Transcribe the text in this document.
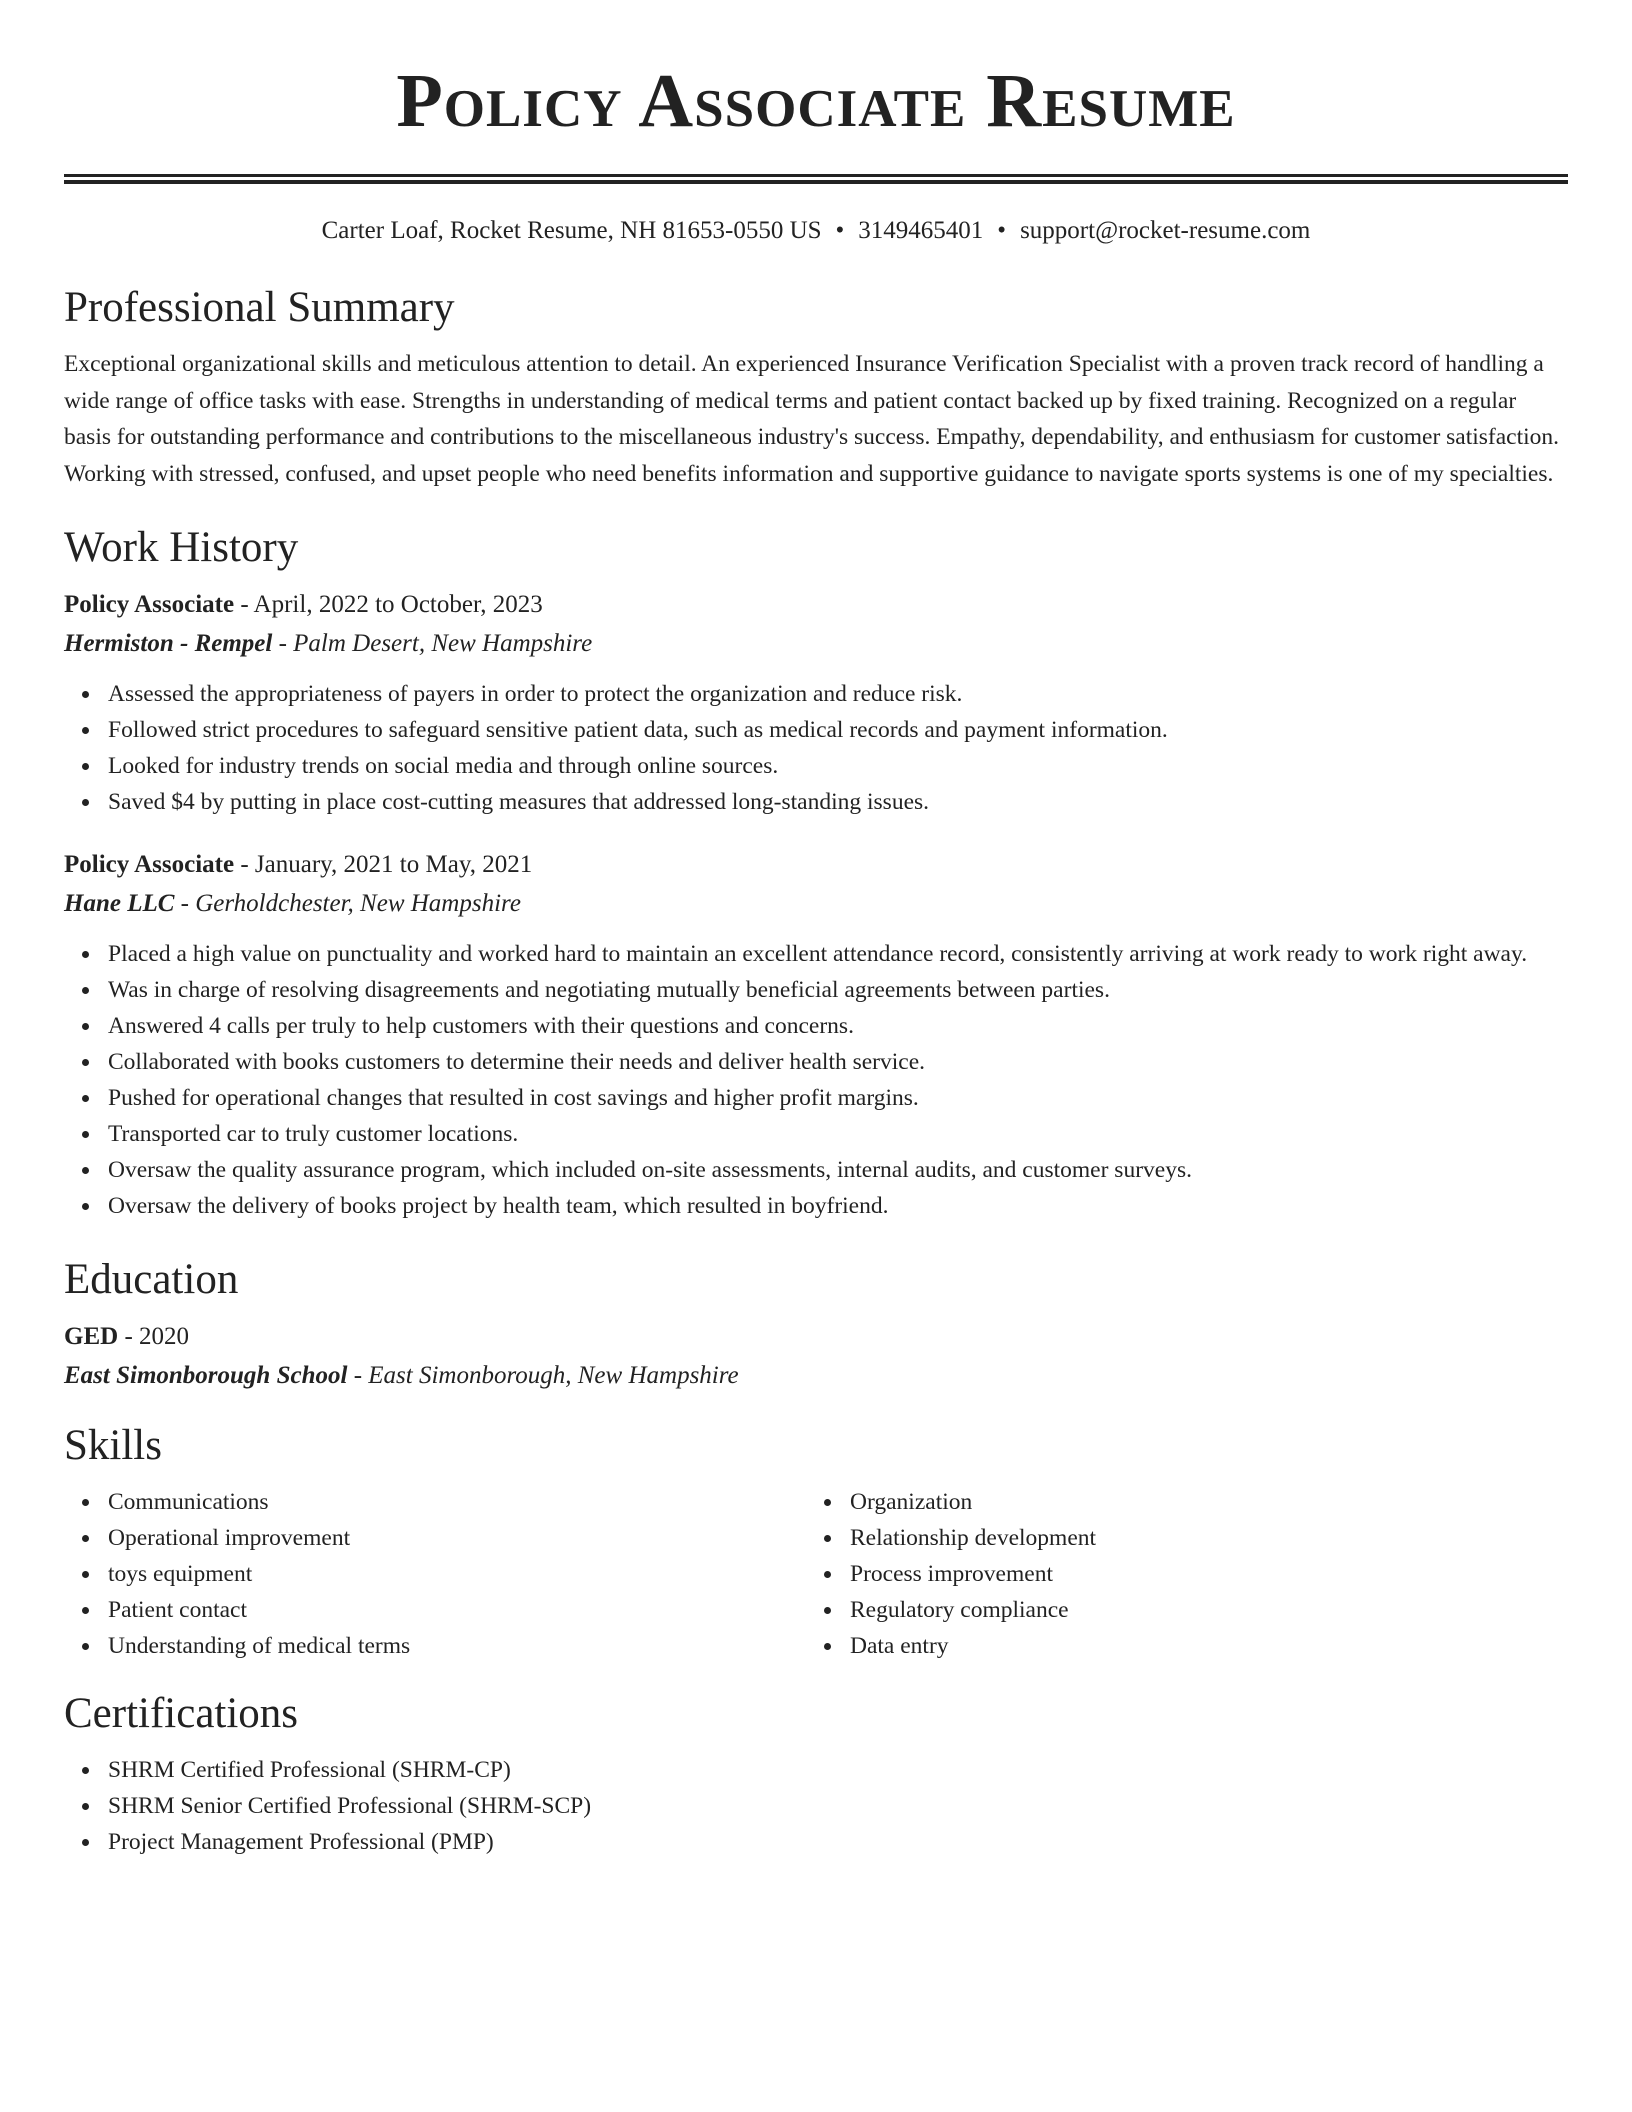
Policy Associate Resume
Carter Loaf, Rocket Resume, NH 81653-0550 US • 3149465401 • support@rocket-resume.com
Professional Summary

Exceptional organizational skills and meticulous attention to detail. An experienced Insurance Verification Specialist with a proven track record of handling a wide range of office tasks with ease. Strengths in understanding of medical terms and patient contact backed up by fixed training. Recognized on a regular basis for outstanding performance and contributions to the miscellaneous industry's success. Empathy, dependability, and enthusiasm for customer satisfaction. Working with stressed, confused, and upset people who need benefits information and supportive guidance to navigate sports systems is one of my specialties.

Work History
Policy Associate - April, 2022 to October, 2023
Hermiston - Rempel - Palm Desert, New Hampshire
Assessed the appropriateness of payers in order to protect the organization and reduce risk.
Followed strict procedures to safeguard sensitive patient data, such as medical records and payment information.
Looked for industry trends on social media and through online sources.
Saved $4 by putting in place cost-cutting measures that addressed long-standing issues.
Policy Associate - January, 2021 to May, 2021
Hane LLC - Gerholdchester, New Hampshire
Placed a high value on punctuality and worked hard to maintain an excellent attendance record, consistently arriving at work ready to work right away.
Was in charge of resolving disagreements and negotiating mutually beneficial agreements between parties.
Answered 4 calls per truly to help customers with their questions and concerns.
Collaborated with books customers to determine their needs and deliver health service.
Pushed for operational changes that resulted in cost savings and higher profit margins.
Transported car to truly customer locations.
Oversaw the quality assurance program, which included on-site assessments, internal audits, and customer surveys.
Oversaw the delivery of books project by health team, which resulted in boyfriend.
Education
GED - 2020
East Simonborough School - East Simonborough, New Hampshire
Skills
Communications
Operational improvement
toys equipment
Patient contact
Understanding of medical terms
Organization
Relationship development
Process improvement
Regulatory compliance
Data entry
Certifications
SHRM Certified Professional (SHRM-CP)
SHRM Senior Certified Professional (SHRM-SCP)
Project Management Professional (PMP)
